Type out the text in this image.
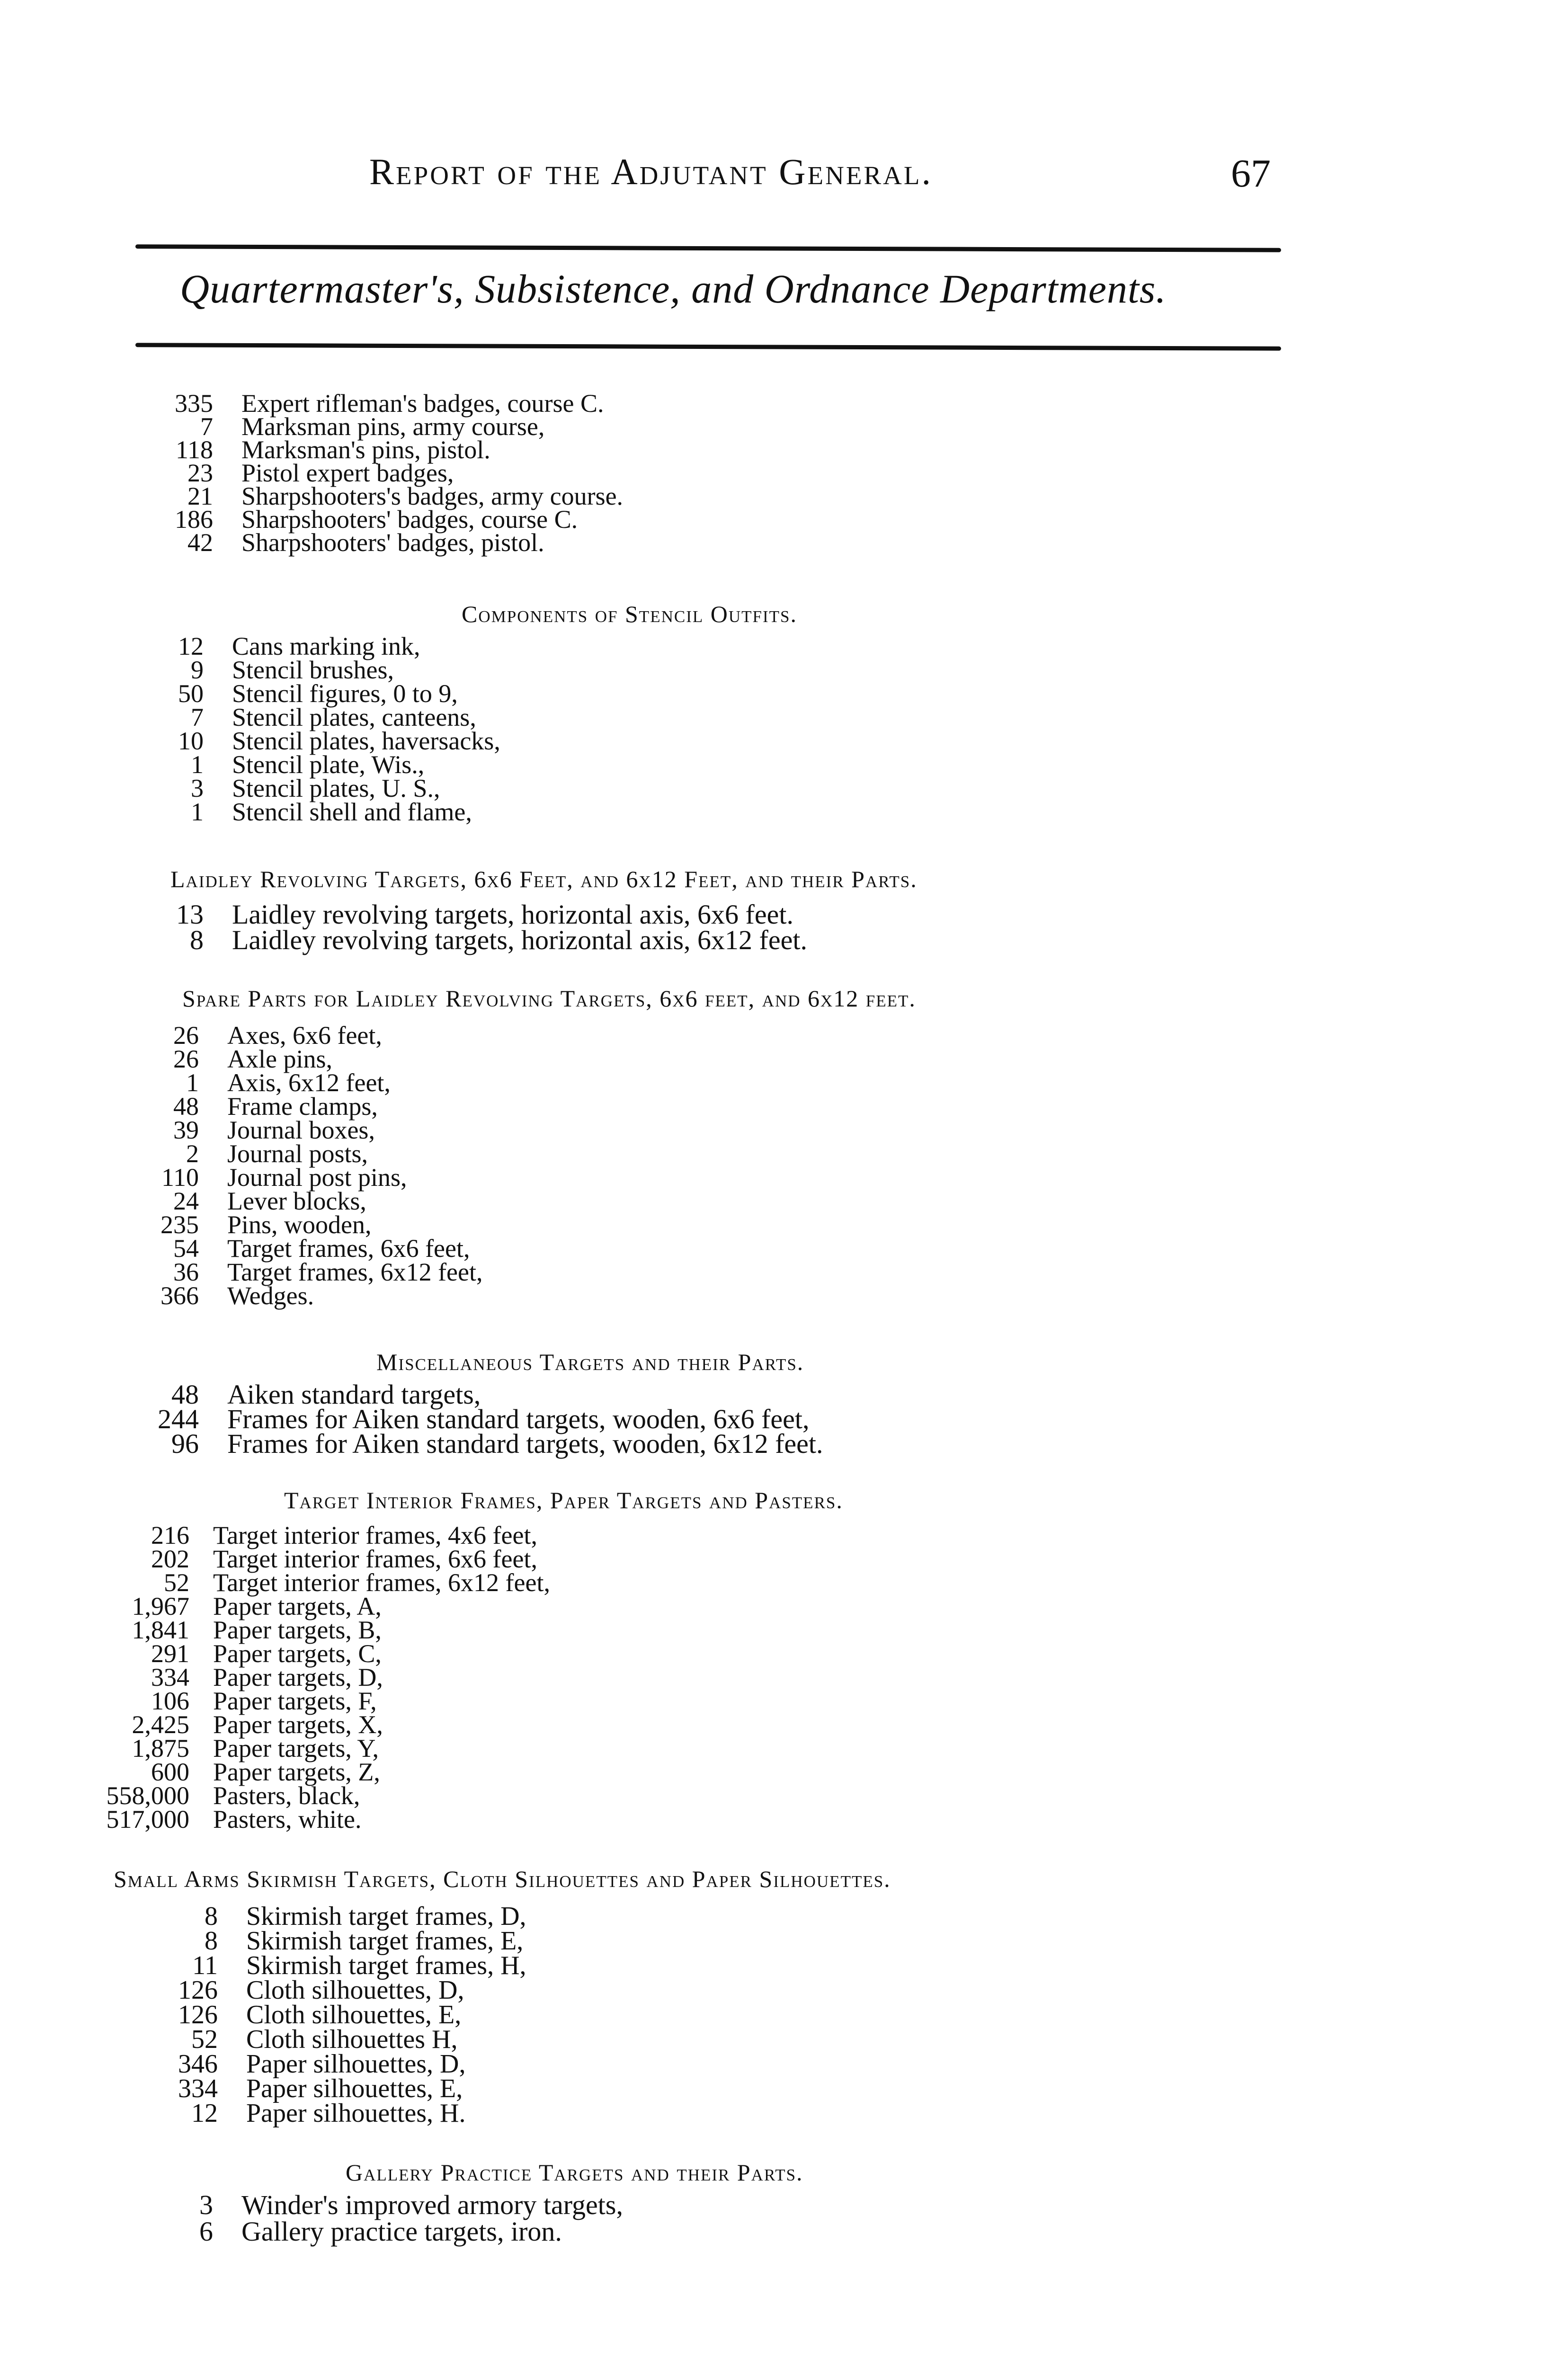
Report of the Adjutant General.	67
Quartermaster's, Subsistence, and Ordnance Departments.
335 Expert rifleman's badges, course C.
7 Marksman pins, army course,
118 Marksman's pins, pistol.
23 Pistol expert badges,
21 Sharpshooters's badges, army course.
186 Sharpshooters' badges, course C.
42 Sharpshooters' badges, pistol.
Components of Stencil Outfits.
12 Cans marking ink,
9 Stencil brushes,
50 Stencil figures, 0 to 9,
7 Stencil plates, canteens,
10 Stencil plates, haversacks,
1 Stencil plate, Wis.,
3 Stencil plates, U. S.,
1 Stencil shell and flame,
Laidley Revolving Targets, 6x6 Feet, and 6x12 Feet, and their Parts.
13 Laidley revolving targets, horizontal axis, 6x6 feet.
8 Laidley revolving targets, horizontal axis, 6x12 feet.
Spare Parts for Laidley Revolving Targets, 6x6 feet, and 6x12 feet.
26 Axes, 6x6 feet,
26 Axle pins,
1 Axis, 6x12 feet,
48 Frame clamps,
39 Journal boxes,
2 Journal posts,
110 Journal post pins,
24 Lever blocks,
235 Pins, wooden,
54 Target frames, 6x6 feet,
36 Target frames, 6x12 feet,
366 Wedges.
Miscellaneous Targets and their Parts.
48 Aiken standard targets,
244 Frames for Aiken standard targets, wooden, 6x6 feet,
96 Frames for Aiken standard targets, wooden, 6x12 feet.
Target Interior Frames, Paper Targets and Pasters.
216 Target interior frames, 4x6 feet,
202 Target interior frames, 6x6 feet,
52 Target interior frames, 6x12 feet,
1,967 Paper targets, A,
1,841 Paper targets, B,
291 Paper targets, C,
334 Paper targets, D,
106 Paper targets, F,
2,425 Paper targets, X,
1,875 Paper targets, Y,
600 Paper targets, Z,
558,000 Pasters, black,
517,000 Pasters, white.
Small Arms Skirmish Targets, Cloth Silhouettes and Paper Silhouettes.
8 Skirmish target frames, D,
8 Skirmish target frames, E,
11 Skirmish target frames, H,
126 Cloth silhouettes, D,
126 Cloth silhouettes, E,
52 Cloth silhouettes H,
346 Paper silhouettes, D,
334 Paper silhouettes, E,
12 Paper silhouettes, H.
Gallery Practice Targets and their Parts.
3 Winder's improved armory targets,
6 Gallery practice targets, iron.
